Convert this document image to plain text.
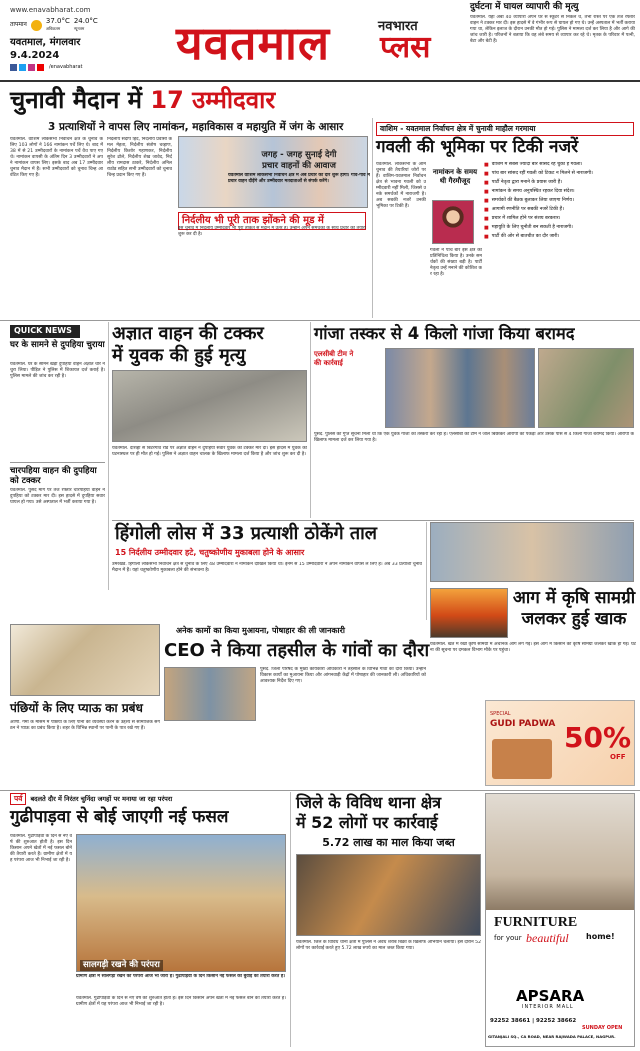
www.enavabharat.com
तापमान	37.0°C
अधिकतम
24.0°C
न्यूनतम
यवतमाल, मंगलवार
9.4.2024
/enavabharat यवतमाल	नवभारत
प्लस
दुर्घटना में घायल व्यापारी की मृत्यु
यवतमाल. यहां अंबा 40 व्यापारी अपने घर से स्कूटर से निकले थे, तभी रास्ते पर एक तेज रफ्तार वाहन ने टक्कर मार दी। इस हादसे में वे गंभीर रूप से घायल हो गए थे। उन्हें अस्पताल में भर्ती कराया गया था, लेकिन इलाज के दौरान उनकी मौत हो गई। पुलिस ने मामला दर्ज कर लिया है और आगे की जांच जारी है। परिजनों ने बताया कि वह लंबे समय से व्यापार कर रहे थे। मृतक के परिवार में पत्नी, बेटा और बेटी हैं।
चुनावी मैदान में 17 उम्मीदवार
3 प्रत्याशियों ने वापस लिए नामांकन, महाविकास व महायुति में जंग के आसार
यवतमाल. वाशिम लोकसभा निर्वाचन क्षेत्र के चुनाव के लिए 103 लोगों ने 166 नामांकन पर्चे लिए थे। बाद में 38 में से 21 उम्मीदवारों के नामांकन पर्चे वैध पाए गए थे। नामांकन वापसी के अंतिम दिन 3 उम्मीदवारों ने अपने नामांकन वापस लिए। इसके बाद अब 17 उम्मीदवार चुनाव मैदान में हैं। सभी उम्मीदवारों को चुनाव चिन्ह आवंटित किए गए हैं।
निर्दलीय संदीप हिंदे, निर्दलीय प्रवासी कमल मेहता, निर्दलीय संतोष चव्हाण, निर्दलीय किशोर गहाणकर, निर्दलीय सुरेश ढोले, निर्दलीय शेख जावेद, निर्दलीय रामदास ठाकरे, निर्दलीय अनिल राठोड सहित सभी उम्मीदवारों को चुनाव चिन्ह प्रदान किए गए हैं।
जगह - जगह सुनाई देगी
प्रचार वाहनों की आवाज
यवतमाल वाशिम लोकसभा निर्वाचन क्षेत्र में अब प्रचार का दौर शुरू होगा। गांव-गांव में प्रचार वाहन दौड़ेंगे और उम्मीदवार मतदाताओं से संपर्क करेंगे।
निर्दलीय भी पूरी ताक झोंकने की मूड में
इस चुनाव में निर्दलीय उम्मीदवार भी पूरी ताकत से मैदान में उतरे हैं। उन्होंने अपने समर्थकों के साथ प्रचार की तैयारी शुरू कर दी है।
वाशिम - यवतमाल निर्वाचन क्षेत्र में चुनावी माहौल गरमाया
गवली की भूमिका पर टिकी नजरें
यवतमाल. लोकसभा के आम चुनाव की तैयारियां जोरों पर हैं। वाशिम-यवतमाल निर्वाचन क्षेत्र से भावना गवली को उम्मीदवारी नहीं मिली, जिससे उनके समर्थकों में नाराजगी है। अब सबकी नजरें उनकी भूमिका पर टिकी हैं।
नामांकन के समय
थी गैरमौजूद
गवली ने पांच बार इस क्षेत्र का प्रतिनिधित्व किया है। उनके समर्थकों की संख्या बड़ी है। पार्टी नेतृत्व उन्हें मनाने की कोशिश कर रहा है।
■ वाशिम में सबसे ज्यादा बार सांसद रह चुकी हैं गवली।
■ पांच बार सांसद रहीं गवली को टिकट न मिलने से नाराजगी।
■ पार्टी नेतृत्व द्वारा मनाने के प्रयास जारी हैं।
■ नामांकन के समय अनुपस्थित रहकर दिया संदेश।
■ समर्थकों की बैठक बुलाकर लिया जाएगा निर्णय।
■ आगामी रणनीति पर सबकी नजरें टिकी हैं।
■ प्रचार में शामिल होने पर संशय बरकरार।
■ महायुति के लिए चुनौती बन सकती है नाराजगी।
■ पार्टी की ओर से बातचीत का दौर जारी।
QUICK NEWS
घर के सामने से दुपहिया चुराया
यवतमाल. घर के सामने खड़ी दुपहिया वाहन अज्ञात चोर ने चुरा लिया। पीड़ित ने पुलिस में शिकायत दर्ज कराई है। पुलिस मामले की जांच कर रही है।
चारपहिया वाहन की दुपहिया को टक्कर
यवतमाल. पुसद मार्ग पर तेज रफ्तार चारपहिया वाहन ने दुपहिया को टक्कर मार दी। इस हादसे में दुपहिया सवार घायल हो गया। उसे अस्पताल में भर्ती कराया गया है।
अज्ञात वाहन की टक्कर
में युवक की हुई मृत्यु
यवतमाल. दारव्हा से बिटरगांव रोड पर अज्ञात वाहन ने दुपहिया सवार युवक को टक्कर मार दी। इस हादसे में युवक की घटनास्थल पर ही मौत हो गई। पुलिस ने अज्ञात वाहन चालक के खिलाफ मामला दर्ज किया है और जांच शुरू कर दी है।
गांजा तस्कर से 4 किलो गांजा किया बरामद
एलसीबी टीम ने
की कार्रवाई
पुसद. पुलिस को गुप्त सूचना मिली थी कि एक युवक गांजा की तस्करी कर रहा है। एलसीबी की टीम ने जाल बिछाकर आरोपी को पकड़ा और उसके पास से 4 किलो गांजा बरामद किया। आरोपी के खिलाफ मामला दर्ज कर लिया गया है।
हिंगोली लोस में 33 प्रत्याशी ठोकेंगे ताल
15 निर्दलीय उम्मीदवार हटे, चतुष्कोणीय मुकाबला होने के आसार
उमरखेड. हिंगोली लोकसभा निर्वाचन क्षेत्र से चुनाव के लिए 48 उम्मीदवारों ने नामांकन दाखिल किया था। इनमें से 15 उम्मीदवारों ने अपने नामांकन वापस ले लिए हैं। अब 33 प्रत्याशी चुनाव मैदान में हैं। यहां चतुष्कोणीय मुकाबला होने की संभावना है।
आग में कृषि सामग्री
जलकर हुई खाक
यवतमाल. खेत में रखी कृषि सामग्री में अचानक आग लग गई। इस आग में किसान की कृषि सामग्री जलकर खाक हो गई। घटना की सूचना पर दमकल विभाग मौके पर पहुंचा।
अनेक कामों का किया मुआयना, पोषाहार की ली जानकारी
CEO ने किया तहसील के गांवों का दौरा
पुसद. जिला परिषद के मुख्य कार्यकारी अधिकारी ने तहसील के विभिन्न गांवों का दौरा किया। उन्होंने विकास कार्यों का मुआयना किया और आंगनवाड़ी केंद्रों में पोषाहार की जानकारी ली। अधिकारियों को आवश्यक निर्देश दिए गए।
पंछियों के लिए प्याऊ का प्रबंध
आर्णी. गर्मी के मौसम में पंछियों के लिए पानी की व्यवस्था करने के उद्देश्य से सामाजिक संगठन ने प्याऊ का प्रबंध किया है। शहर के विभिन्न स्थानों पर पानी के पात्र रखे गए हैं।
SPECIAL
GUDI PADWA 50%
OFF
पर्व	बदलते दौर में निरंतर चुनिंदा जगहों पर मनाया जा रहा परंपरा
गुढीपाड़वा से बोई जाएगी नई फसल
यवतमाल. गुढीपाड़वा के दिन से नए वर्ष की शुरुआत होती है। इस दिन किसान अपने खेतों में नई फसल बोने की तैयारी करते हैं। ग्रामीण क्षेत्रों में यह परंपरा आज भी निभाई जा रही है।
सालगड़ी रखने की परंपरा
ग्रामीण क्षेत्रों में सालगड़ी रखने की परंपरा आज भी जारी है। गुढीपाड़वा के दिन किसान नई फसल की बुवाई की तैयारी करते हैं।
यवतमाल. गुढीपाड़वा के दिन से नए वर्ष की शुरुआत होती है। इस दिन किसान अपने खेतों में नई फसल बोने की तैयारी करते हैं। ग्रामीण क्षेत्रों में यह परंपरा आज भी निभाई जा रही है।
जिले के विविध थाना क्षेत्र
में 52 लोगों पर कार्रवाई
5.72 लाख का माल किया जब्त
यवतमाल. जिले के विविध थाना क्षेत्रों में पुलिस ने अवैध शराब बिक्री के खिलाफ अभियान चलाया। इस दौरान 52 लोगों पर कार्रवाई करते हुए 5.72 लाख रुपये का माल जब्त किया गया।
FURNITURE
for your beautiful home!
APSARA
INTERIOR MALL
92252 38661 | 92252 38662
SUNDAY OPEN
GITANJALI SQ., CA ROAD, NEAR RAJWADA PALACE, NAGPUR.
